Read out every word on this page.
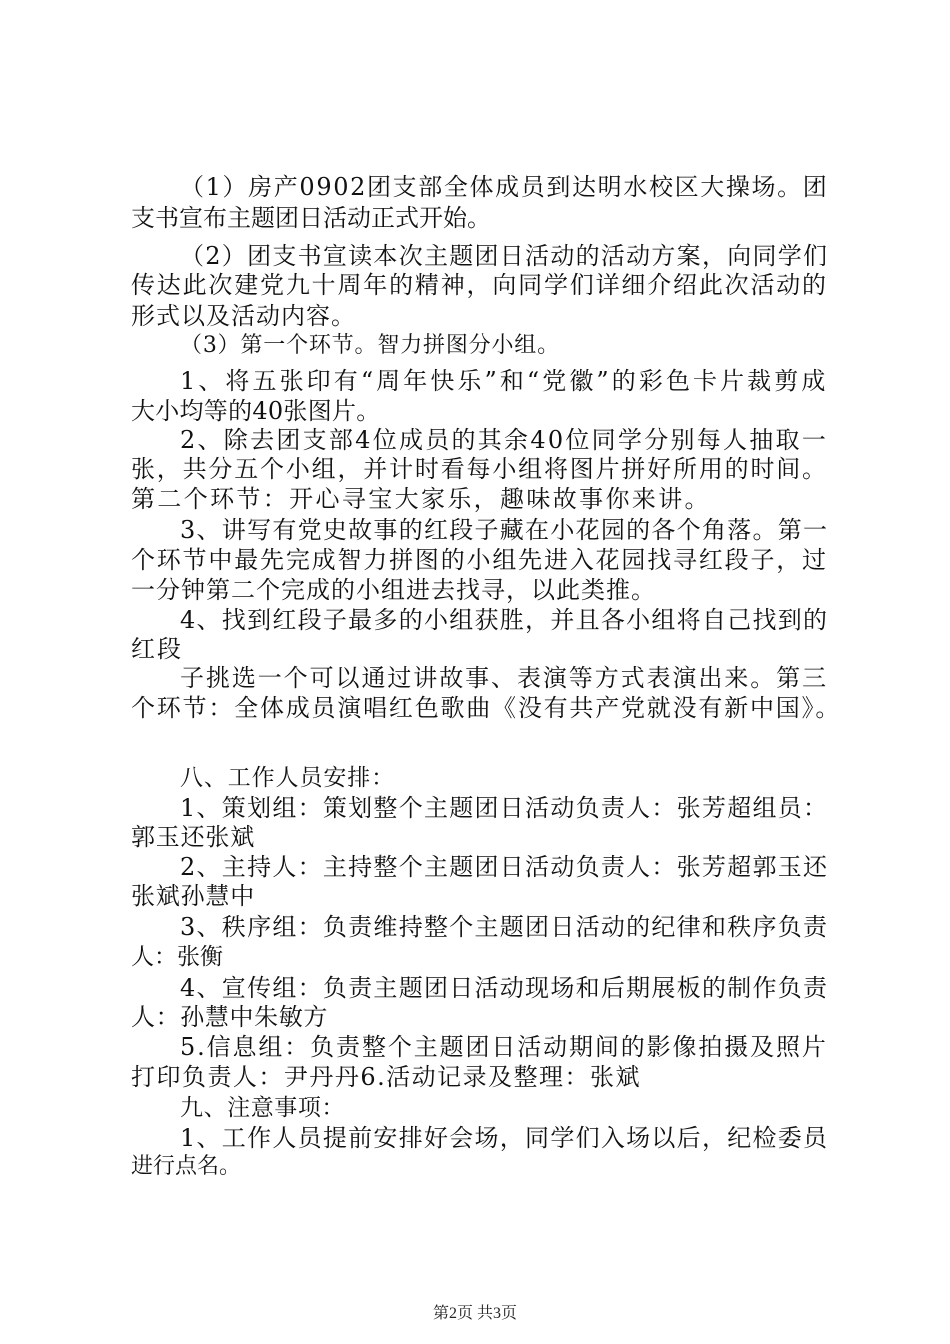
（1）房产0902团支部全体成员到达明水校区大操场。团
支书宣布主题团日活动正式开始。
（2）团支书宣读本次主题团日活动的活动方案，向同学们
传达此次建党九十周年的精神，向同学们详细介绍此次活动的
形式以及活动内容。
（3）第一个环节。智力拼图分小组。
1、将五张印有“周年快乐”和“党徽”的彩色卡片裁剪成
大小均等的40张图片。
2、除去团支部4位成员的其余40位同学分别每人抽取一
张，共分五个小组，并计时看每小组将图片拼好所用的时间。
第二个环节：开心寻宝大家乐，趣味故事你来讲。
3、讲写有党史故事的红段子藏在小花园的各个角落。第一
个环节中最先完成智力拼图的小组先进入花园找寻红段子，过
一分钟第二个完成的小组进去找寻，以此类推。
4、找到红段子最多的小组获胜，并且各小组将自己找到的
红段
子挑选一个可以通过讲故事、表演等方式表演出来。第三
个环节：全体成员演唱红色歌曲《没有共产党就没有新中国》。
八、工作人员安排：
1、策划组：策划整个主题团日活动负责人：张芳超组员：
郭玉还张斌
2、主持人：主持整个主题团日活动负责人：张芳超郭玉还
张斌孙慧中
3、秩序组：负责维持整个主题团日活动的纪律和秩序负责
人：张衡
4、宣传组：负责主题团日活动现场和后期展板的制作负责
人：孙慧中朱敏方
5.信息组：负责整个主题团日活动期间的影像拍摄及照片
打印负责人：尹丹丹6.活动记录及整理：张斌
九、注意事项：
1、工作人员提前安排好会场，同学们入场以后，纪检委员
进行点名。
第2页 共3页
